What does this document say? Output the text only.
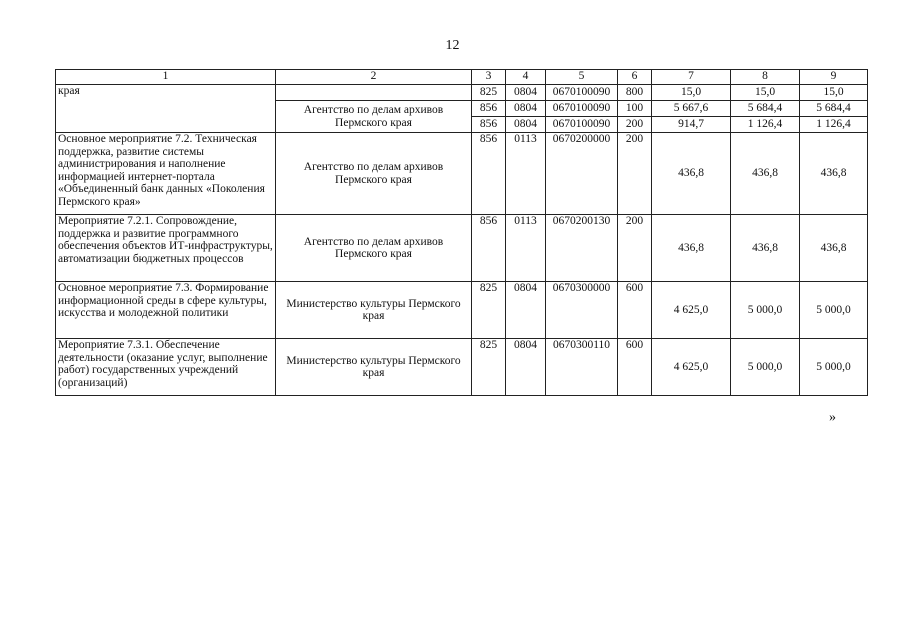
12
1	2	3	4	5	6	7	8	9
края		825	0804	0670100090	800	15,0	15,0	15,0
	Агентство по делам архивов Пермского края	856	0804	0670100090	100	5 667,6	5 684,4	5 684,4
		856	0804	0670100090	200	914,7	1 126,4	1 126,4
Основное мероприятие 7.2. Техническая поддержка, развитие системы администрирования и наполнение информацией интернет-портала «Объединенный банк данных «Поколения Пермского края»	Агентство по делам архивов Пермского края	856	0113	0670200000	200	436,8	436,8	436,8
Мероприятие 7.2.1. Сопровождение, поддержка и развитие программного обеспечения объектов ИТ-инфраструктуры, автоматизации бюджетных процессов	Агентство по делам архивов Пермского края	856	0113	0670200130	200	436,8	436,8	436,8
Основное мероприятие 7.3. Формирование информационной среды в сфере культуры, искусства и молодежной политики	Министерство культуры Пермского края	825	0804	0670300000	600	4 625,0	5 000,0	5 000,0
Мероприятие 7.3.1. Обеспечение деятельности (оказание услуг, выполнение работ) государственных учреждений (организаций)	Министерство культуры Пермского края	825	0804	0670300110	600	4 625,0	5 000,0	5 000,0
»
